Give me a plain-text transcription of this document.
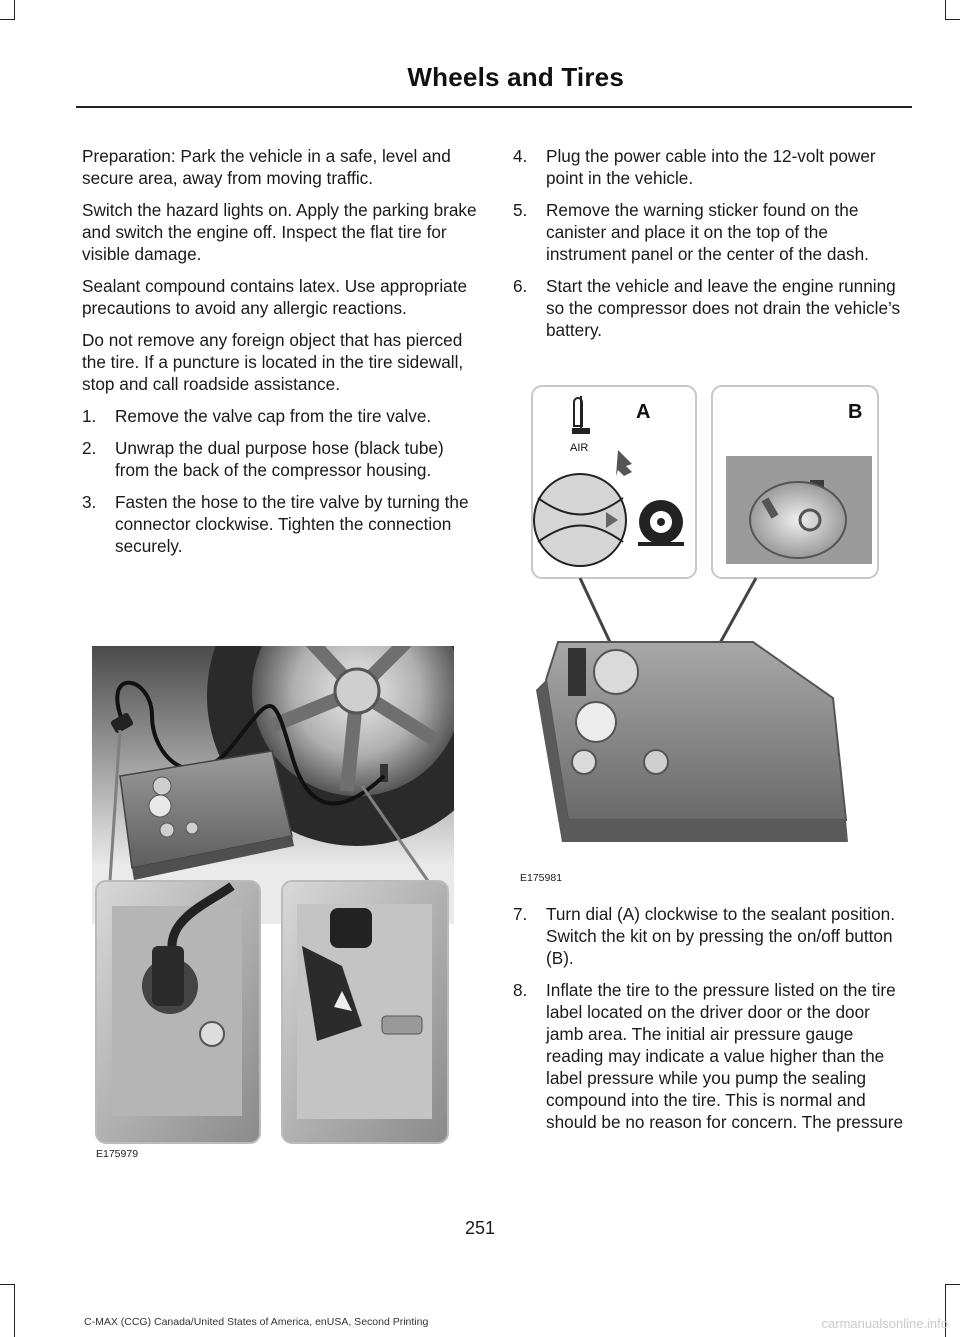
Wheels and Tires

Preparation: Park the vehicle in a safe, level and secure area, away from moving traffic.

Switch the hazard lights on. Apply the parking brake and switch the engine off. Inspect the flat tire for visible damage.

Sealant compound contains latex. Use appropriate precautions to avoid any allergic reactions.

Do not remove any foreign object that has pierced the tire. If a puncture is located in the tire sidewall, stop and call roadside assistance.

1. Remove the valve cap from the tire valve.
2. Unwrap the dual purpose hose (black tube) from the back of the compressor housing.
3. Fasten the hose to the tire valve by turning the connector clockwise. Tighten the connection securely.
4. Plug the power cable into the 12-volt power point in the vehicle.
5. Remove the warning sticker found on the canister and place it on the top of the instrument panel or the center of the dash.
6. Start the vehicle and leave the engine running so the compressor does not drain the vehicle’s battery.
7. Turn dial (A) clockwise to the sealant position. Switch the kit on by pressing the on/off button (B).
8. Inflate the tire to the pressure listed on the tire label located on the driver door or the door jamb area. The initial air pressure gauge reading may indicate a value higher than the label pressure while you pump the sealing compound into the tire. This is normal and should be no reason for concern. The pressure
E175979
A
AIR
B
E175981
251
C-MAX (CCG) Canada/United States of America, enUSA, Second Printing	carmanualsonline.info
